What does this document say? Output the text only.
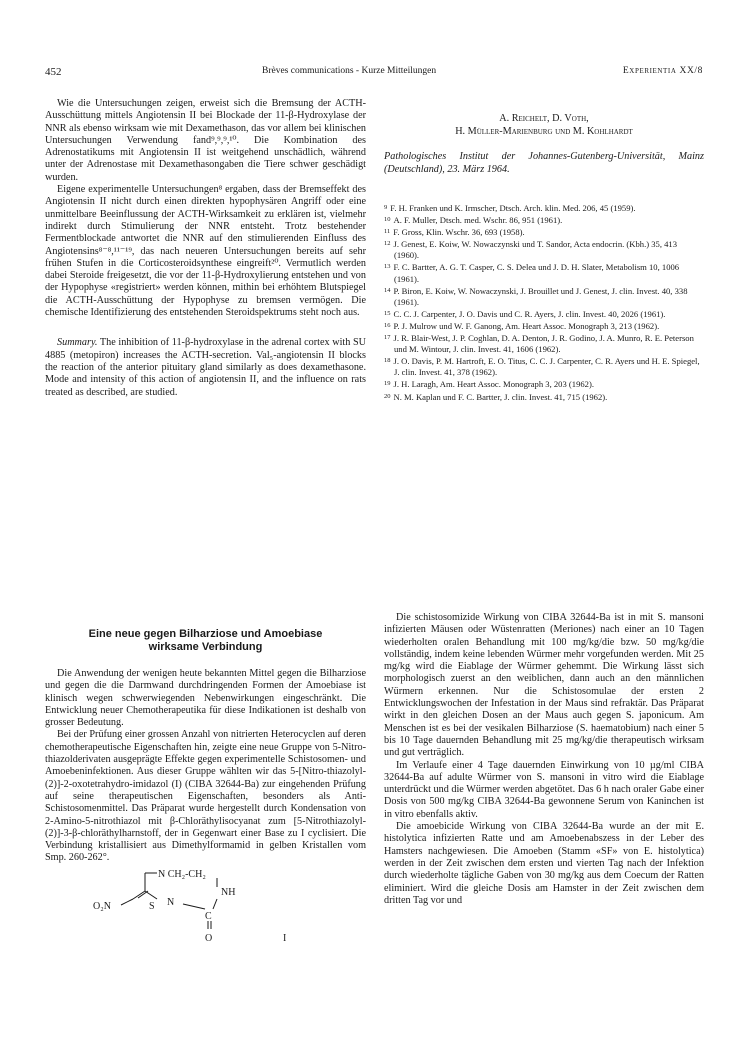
452	Brèves communications - Kurze Mitteilungen	Experientia XX/8

Wie die Untersuchungen zeigen, erweist sich die Bremsung der ACTH-Ausschüttung mittels Angiotensin II bei Blockade der 11-β-Hydroxylase der NNR als ebenso wirksam wie mit Dexamethason, das vor allem bei klinischen Untersuchungen Verwendung fand⁹,⁹,⁹,¹⁰. Die Kombination des Adrenostatikums mit Angiotensin II ist weitgehend unschädlich, während unter der Adrenostase mit Dexamethasongaben die Tiere schwer geschädigt wurden.

Eigene experimentelle Untersuchungen⁸ ergaben, dass der Bremseffekt des Angiotensin II nicht durch einen direkten hypophysären Angriff oder eine unmittelbare Beeinflussung der ACTH-Wirksamkeit zu erklären ist, vielmehr indirekt durch Stimulierung der NNR entsteht. Trotz bestehender Fermentblockade antwortet die NNR auf den stimulierenden Einfluss des Angiotensins⁸⁻⁸,¹¹⁻¹⁹, das nach neueren Untersuchungen bereits auf sehr frühen Stufen in die Corticosteroidsynthese eingreift²⁰. Vermutlich werden dabei Steroide freigesetzt, die vor der 11-β-Hydroxylierung entstehen und von der Hypophyse «registriert» werden können, mithin bei erhöhtem Blutspiegel die ACTH-Ausschüttung der Hypophyse zu bremsen vermögen. Die chemische Identifizierung des entstehenden Steroidspektrums steht noch aus.

Summary. The inhibition of 11-β-hydroxylase in the adrenal cortex with SU 4885 (metopiron) increases the ACTH-secretion. Val₅-angiotensin II blocks the reaction of the anterior pituitary gland similarly as does dexamethasone. Mode and intensity of this action of angiotensin II, and the influence on rats treated as described, are studied.

A. Reichelt, D. Voth,
H. Müller-Marienburg und M. Kohlhardt
Pathologisches Institut der Johannes-Gutenberg-Universität, Mainz (Deutschland), 23. März 1964.
$^9$ F. H. Franken und K. Irmscher, Dtsch. Arch. klin. Med. 206, 45 (1959).
$^{10}$ A. F. Muller, Dtsch. med. Wschr. 86, 951 (1961).
$^{11}$ F. Gross, Klin. Wschr. 36, 693 (1958).
$^{12}$ J. Genest, E. Koiw, W. Nowaczynski und T. Sandor, Acta endocrin. (Kbh.) 35, 413 (1960).
$^{13}$ F. C. Bartter, A. G. T. Casper, C. S. Delea und J. D. H. Slater, Metabolism 10, 1006 (1961).
$^{14}$ P. Biron, E. Koiw, W. Nowaczynski, J. Brouillet und J. Genest, J. clin. Invest. 40, 338 (1961).
$^{15}$ C. C. J. Carpenter, J. O. Davis und C. R. Ayers, J. clin. Invest. 40, 2026 (1961).
$^{16}$ P. J. Mulrow und W. F. Ganong, Am. Heart Assoc. Monograph 3, 213 (1962).
$^{17}$ J. R. Blair-West, J. P. Coghlan, D. A. Denton, J. R. Godino, J. A. Munro, R. E. Peterson und M. Wintour, J. clin. Invest. 41, 1606 (1962).
$^{18}$ J. O. Davis, P. M. Hartroft, E. O. Titus, C. C. J. Carpenter, C. R. Ayers und H. E. Spiegel, J. clin. Invest. 41, 378 (1962).
$^{19}$ J. H. Laragh, Am. Heart Assoc. Monograph 3, 203 (1962).
$^{20}$ N. M. Kaplan und F. C. Bartter, J. clin. Invest. 41, 715 (1962).
Eine neue gegen Bilharziose und Amoebiase
wirksame Verbindung

Die Anwendung der wenigen heute bekannten Mittel gegen die Bilharziose und gegen die die Darmwand durchdringenden Formen der Amoebiase ist klinisch wegen schwerwiegenden Nebenwirkungen eingeschränkt. Die Entwicklung neuer Chemotherapeutika für diese Indikationen ist deshalb von grosser Bedeutung.

Bei der Prüfung einer grossen Anzahl von nitrierten Heterocyclen auf deren chemotherapeutische Eigenschaften hin, zeigte eine neue Gruppe von 5-Nitro-thiazolderivaten ausgeprägte Effekte gegen experimentelle Schistosomen- und Amoebeninfektionen. Aus dieser Gruppe wählten wir das 5-[Nitro-thiazolyl-(2)]-2-oxotetrahydro-imidazol (I) (CIBA 32644-Ba) zur eingehenden Prüfung auf seine therapeutischen Eigenschaften, besonders als Anti-Schistosomenmittel. Das Präparat wurde hergestellt durch Kondensation von 2-Amino-5-nitrothiazol mit β-Chloräthylisocyanat zum [5-Nitrothiazolyl-(2)]-3-β-chloräthylharnstoff, der in Gegenwart einer Base zu I cyclisiert. Die Verbindung kristallisiert aus Dimethylformamid in gelben Kristallen vom Smp. 260-262°.

N CH₂-CH₂
N
NH
O₂N	S
C
O	I

Die schistosomizide Wirkung von CIBA 32644-Ba ist in mit S. mansoni infizierten Mäusen oder Wüstenratten (Meriones) nach einer an 10 Tagen wiederholten oralen Behandlung mit 100 mg/kg/die bzw. 50 mg/kg/die vollständig, indem keine lebenden Würmer mehr vorgefunden werden. Mit 25 mg/kg wird die Eiablage der Würmer gehemmt. Die Wirkung lässt sich morphologisch zuerst an den weiblichen, dann auch an den männlichen Würmern erkennen. Nur die Schistosomulae der ersten 2 Entwicklungswochen der Infestation in der Maus sind refraktär. Das Präparat wirkt in den gleichen Dosen an der Maus auch gegen S. japonicum. Am Menschen ist es bei der vesikalen Bilharziose (S. haematobium) nach einer 5 bis 10 Tage dauernden Behandlung mit 25 mg/kg/die therapeutisch wirksam und gut verträglich.

Im Verlaufe einer 4 Tage dauernden Einwirkung von 10 µg/ml CIBA 32644-Ba auf adulte Würmer von S. mansoni in vitro wird die Eiablage unterdrückt und die Würmer werden abgetötet. Das 6 h nach oraler Gabe einer Dosis von 500 mg/kg CIBA 32644-Ba gewonnene Serum von Kaninchen ist in vitro ebenfalls aktiv.

Die amoebicide Wirkung von CIBA 32644-Ba wurde an der mit E. histolytica infizierten Ratte und am Amoebenabszess in der Leber des Hamsters nachgewiesen. Die Amoeben (Stamm «SF» von E. histolytica) werden in der Zeit zwischen dem ersten und vierten Tag nach der Infektion durch wiederholte tägliche Gaben von 30 mg/kg aus dem Coecum der Ratten eliminiert. Wird die gleiche Dosis am Hamster in der Zeit zwischen dem dritten Tag vor und
